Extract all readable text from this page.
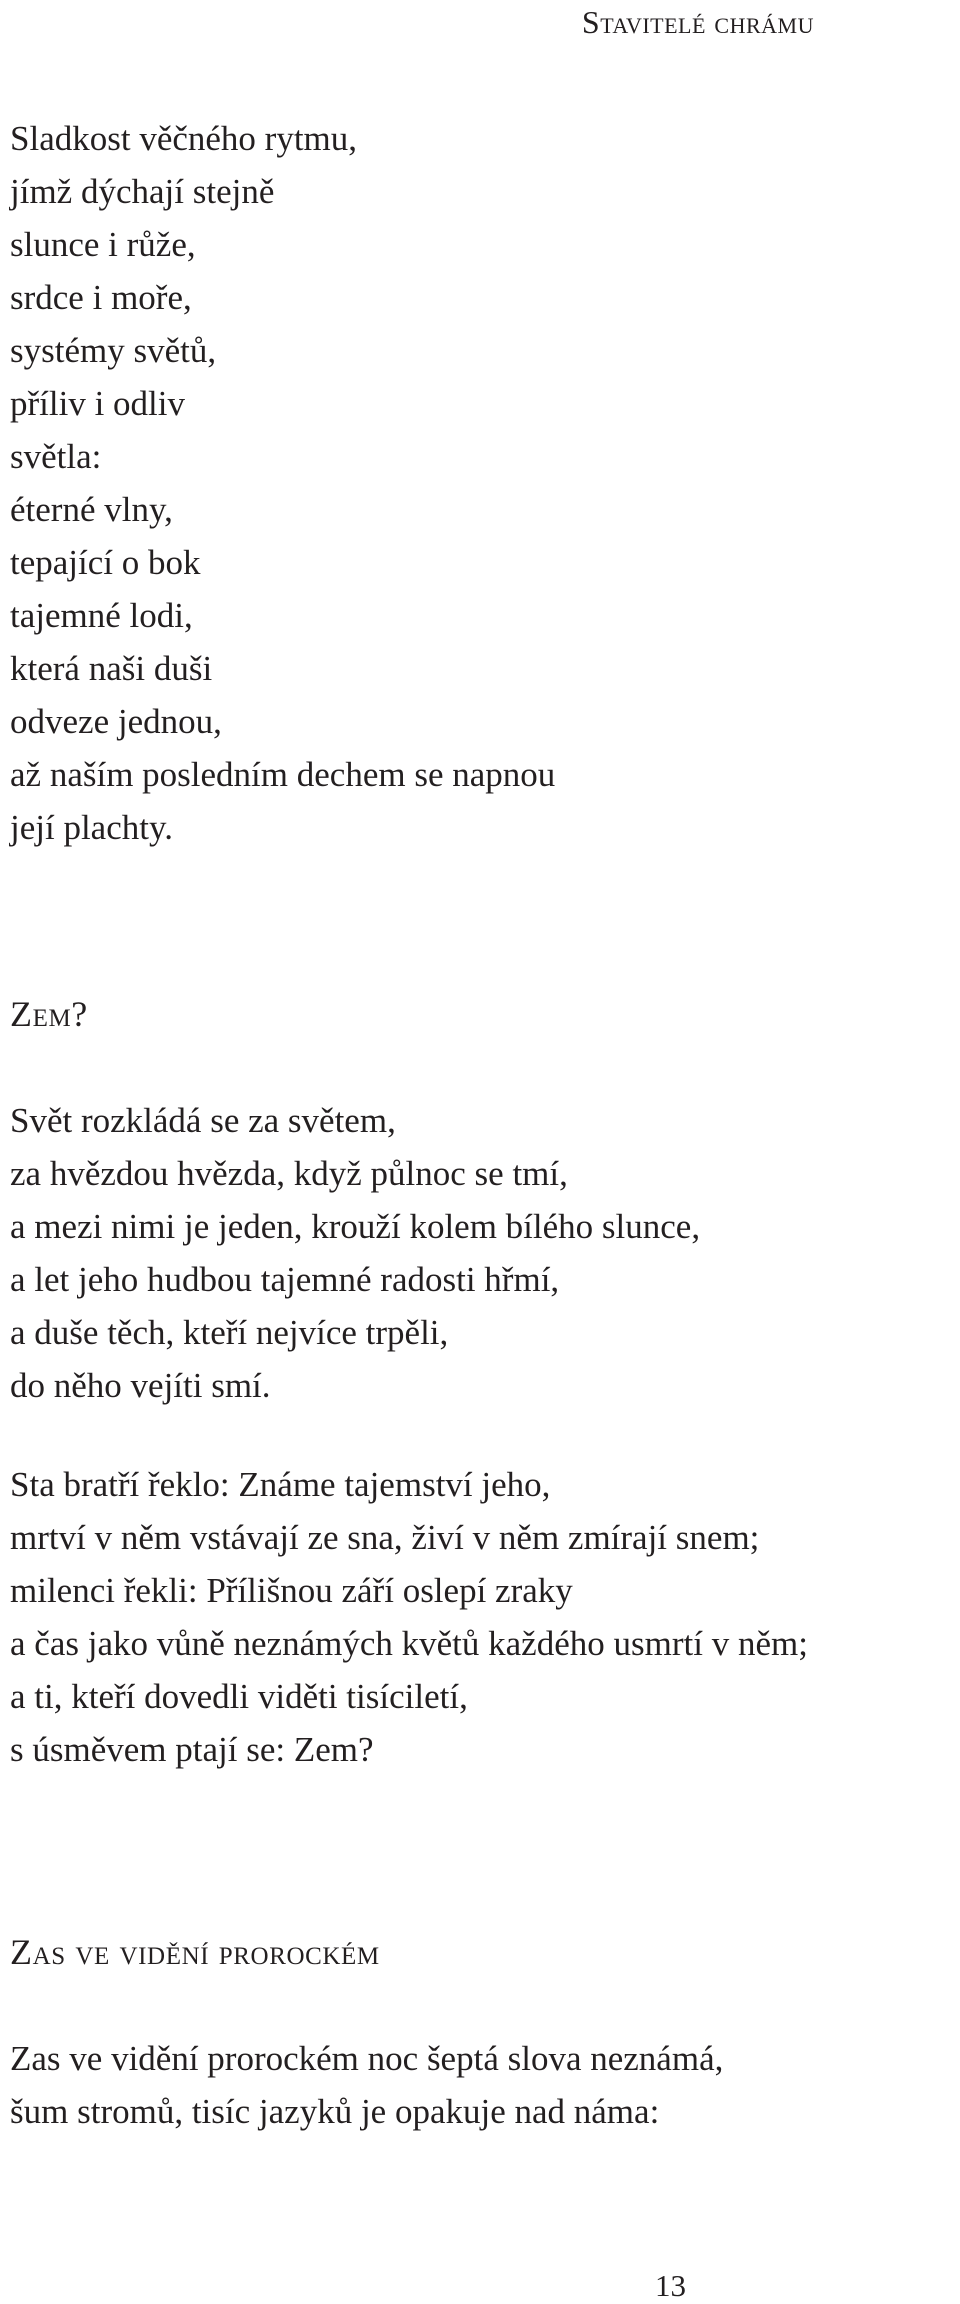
Stavitelé chrámu
Sladkost věčného rytmu,
jímž dýchají stejně
slunce i růže,
srdce i moře,
systémy světů,
příliv i odliv
světla:
éterné vlny,
tepající o bok
tajemné lodi,
která naši duši
odveze jednou,
až naším posledním dechem se napnou
její plachty.
Zem?
Svět rozkládá se za světem,
za hvězdou hvězda, když půlnoc se tmí,
a mezi nimi je jeden, krouží kolem bílého slunce,
a let jeho hudbou tajemné radosti hřmí,
a duše těch, kteří nejvíce trpěli,
do něho vejíti smí.
Sta bratří řeklo: Známe tajemství jeho,
mrtví v něm vstávají ze sna, živí v něm zmírají snem;
milenci řekli: Přílišnou září oslepí zraky
a čas jako vůně neznámých květů každého usmrtí v něm;
a ti, kteří dovedli viděti tisíciletí,
s úsměvem ptají se: Zem?
Zas ve vidění prorockém
Zas ve vidění prorockém noc šeptá slova neznámá,
šum stromů, tisíc jazyků je opakuje nad náma:
13
